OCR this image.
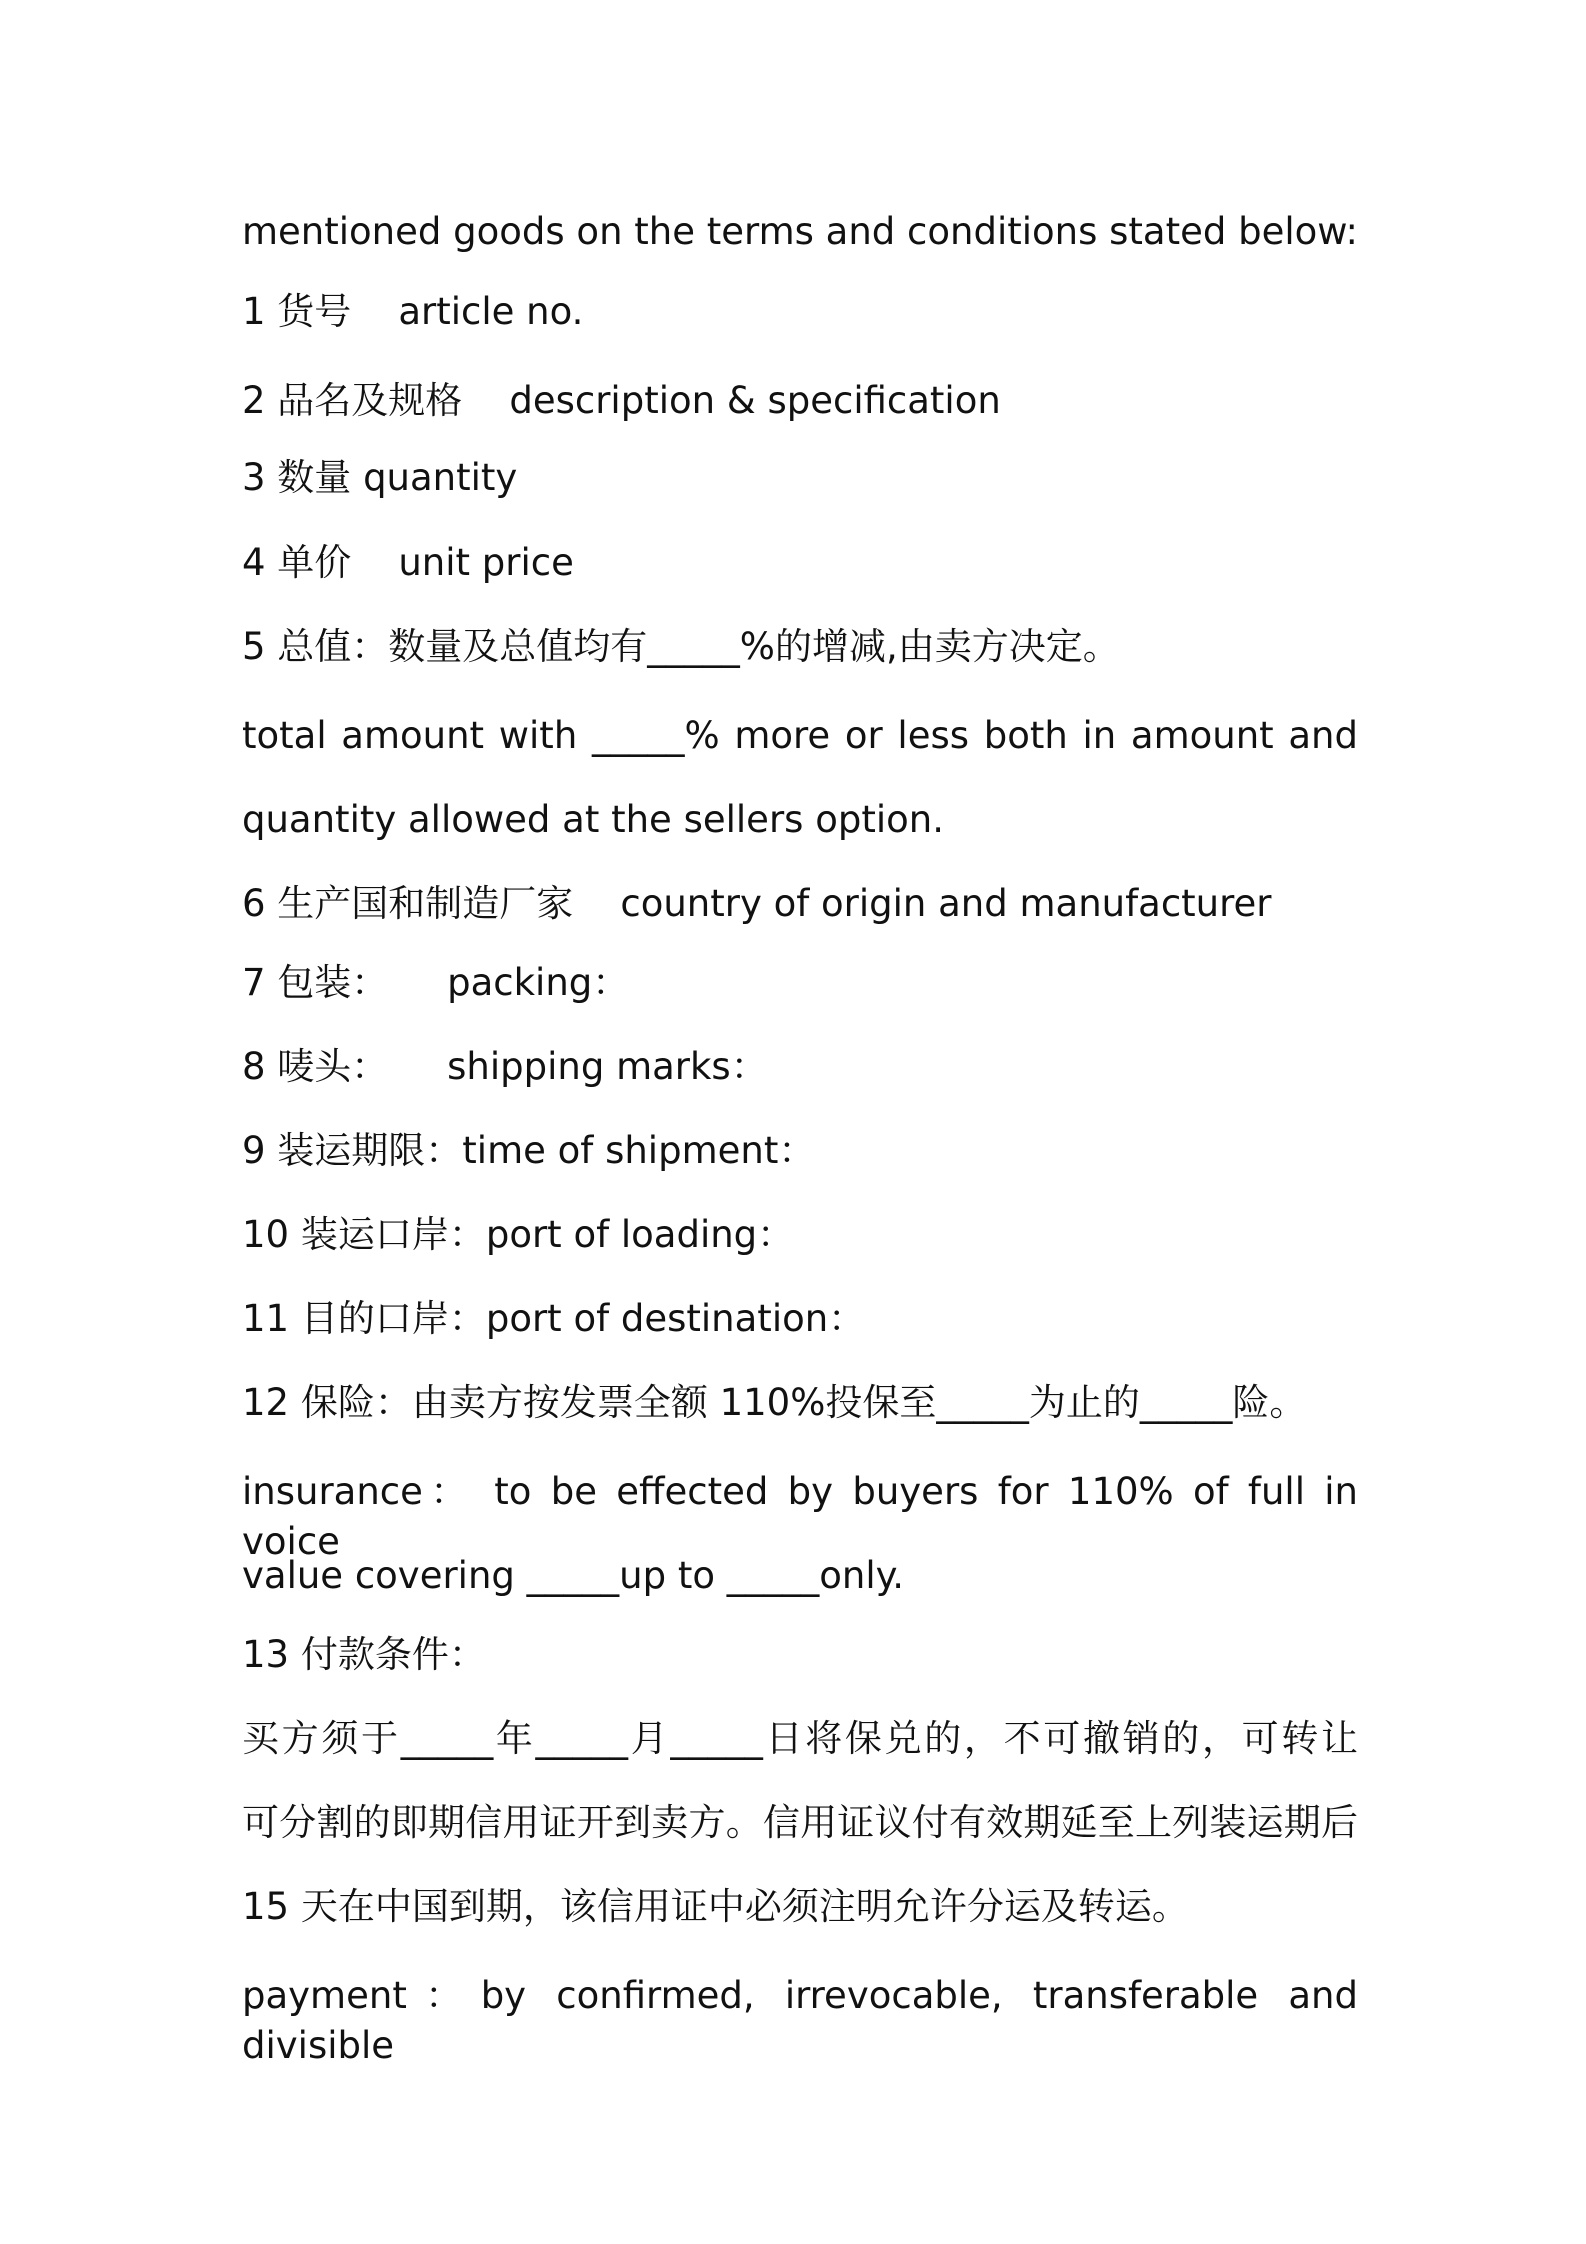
mentioned goods on the terms and conditions stated below:
1 货号    article no.
2 品名及规格    description & specification
3 数量 quantity
4 单价    unit price
5 总值：数量及总值均有_____%的增减,由卖方决定。
total amount with _____% more or less both in amount and
quantity allowed at the sellers option.
6 生产国和制造厂家    country of origin and manufacturer
7 包装：     packing：
8 唛头：     shipping marks：
9 装运期限：time of shipment：
10 装运口岸：port of loading：
11 目的口岸：port of destination：
12 保险：由卖方按发票全额 110%投保至_____为止的_____险。
insurance： to be effected by buyers for 110% of full in voice
value covering _____up to _____only.
13 付款条件：
买方须于_____年_____月_____日将保兑的，不可撤销的，可转让
可分割的即期信用证开到卖方。信用证议付有效期延至上列装运期后
15 天在中国到期，该信用证中必须注明允许分运及转运。
payment：by confirmed, irrevocable, transferable and divisible
